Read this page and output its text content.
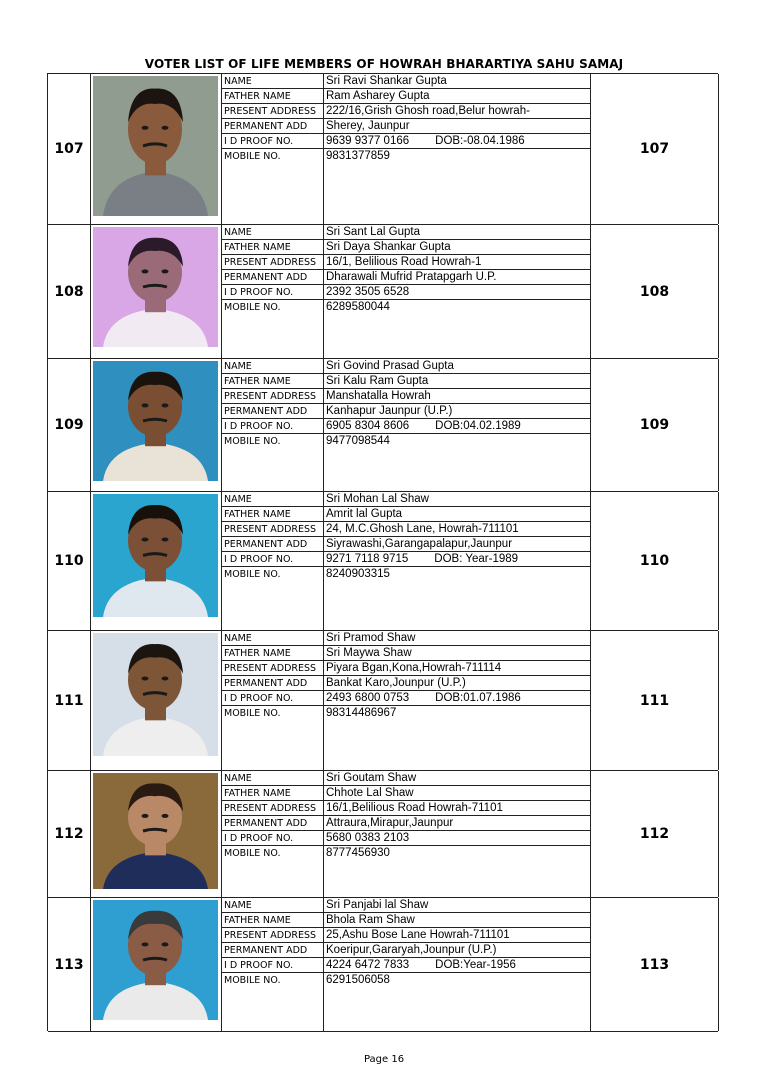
VOTER LIST OF LIFE MEMBERS OF HOWRAH BHARARTIYA SAHU SAMAJ
107
NAME
FATHER NAME
PRESENT ADDRESS
PERMANENT ADD
I D PROOF NO.
MOBILE NO.
Sri Ravi Shankar Gupta
Ram Asharey Gupta
222/16,Grish Ghosh road,Belur howrah-
Sherey, Jaunpur
9639 9377 0166 DOB:-08.04.1986
9831377859	107
108
NAME
FATHER NAME
PRESENT ADDRESS
PERMANENT ADD
I D PROOF NO.
MOBILE NO.
Sri Sant Lal Gupta
Sri Daya Shankar Gupta
16/1, Belilious Road Howrah-1
Dharawali Mufrid Pratapgarh U.P.
2392 3505 6528
6289580044
108
109
NAME
FATHER NAME
PRESENT ADDRESS
PERMANENT ADD
I D PROOF NO.
MOBILE NO.
Sri Govind Prasad Gupta
Sri Kalu Ram Gupta
Manshatalla Howrah
Kanhapur Jaunpur (U.P.)
6905 8304 8606 DOB:04.02.1989
9477098544
109
110
NAME
FATHER NAME
PRESENT ADDRESS
PERMANENT ADD
I D PROOF NO.
MOBILE NO.
Sri Mohan Lal Shaw
Amrit lal Gupta
24, M.C.Ghosh Lane, Howrah-711101
Siyrawashi,Garangapalapur,Jaunpur
9271 7118 9715 DOB: Year-1989
8240903315
110
111
NAME
FATHER NAME
PRESENT ADDRESS
PERMANENT ADD
I D PROOF NO.
MOBILE NO.
Sri Pramod Shaw
Sri Maywa Shaw
Piyara Bgan,Kona,Howrah-711114
Bankat Karo,Jounpur (U.P.)
2493 6800 0753 DOB:01.07.1986
98314486967
111
112
NAME
FATHER NAME
PRESENT ADDRESS
PERMANENT ADD
I D PROOF NO.
MOBILE NO.
Sri Goutam Shaw
Chhote Lal Shaw
16/1,Belilious Road Howrah-71101
Attraura,Mirapur,Jaunpur
5680 0383 2103
8777456930
112
113
NAME
FATHER NAME
PRESENT ADDRESS
PERMANENT ADD
I D PROOF NO.
MOBILE NO.
Sri Panjabi lal Shaw
Bhola Ram Shaw
25,Ashu Bose Lane Howrah-711101
Koeripur,Gararyah,Jounpur (U.P.)
4224 6472 7833 DOB:Year-1956
6291506058
113
Page 16
